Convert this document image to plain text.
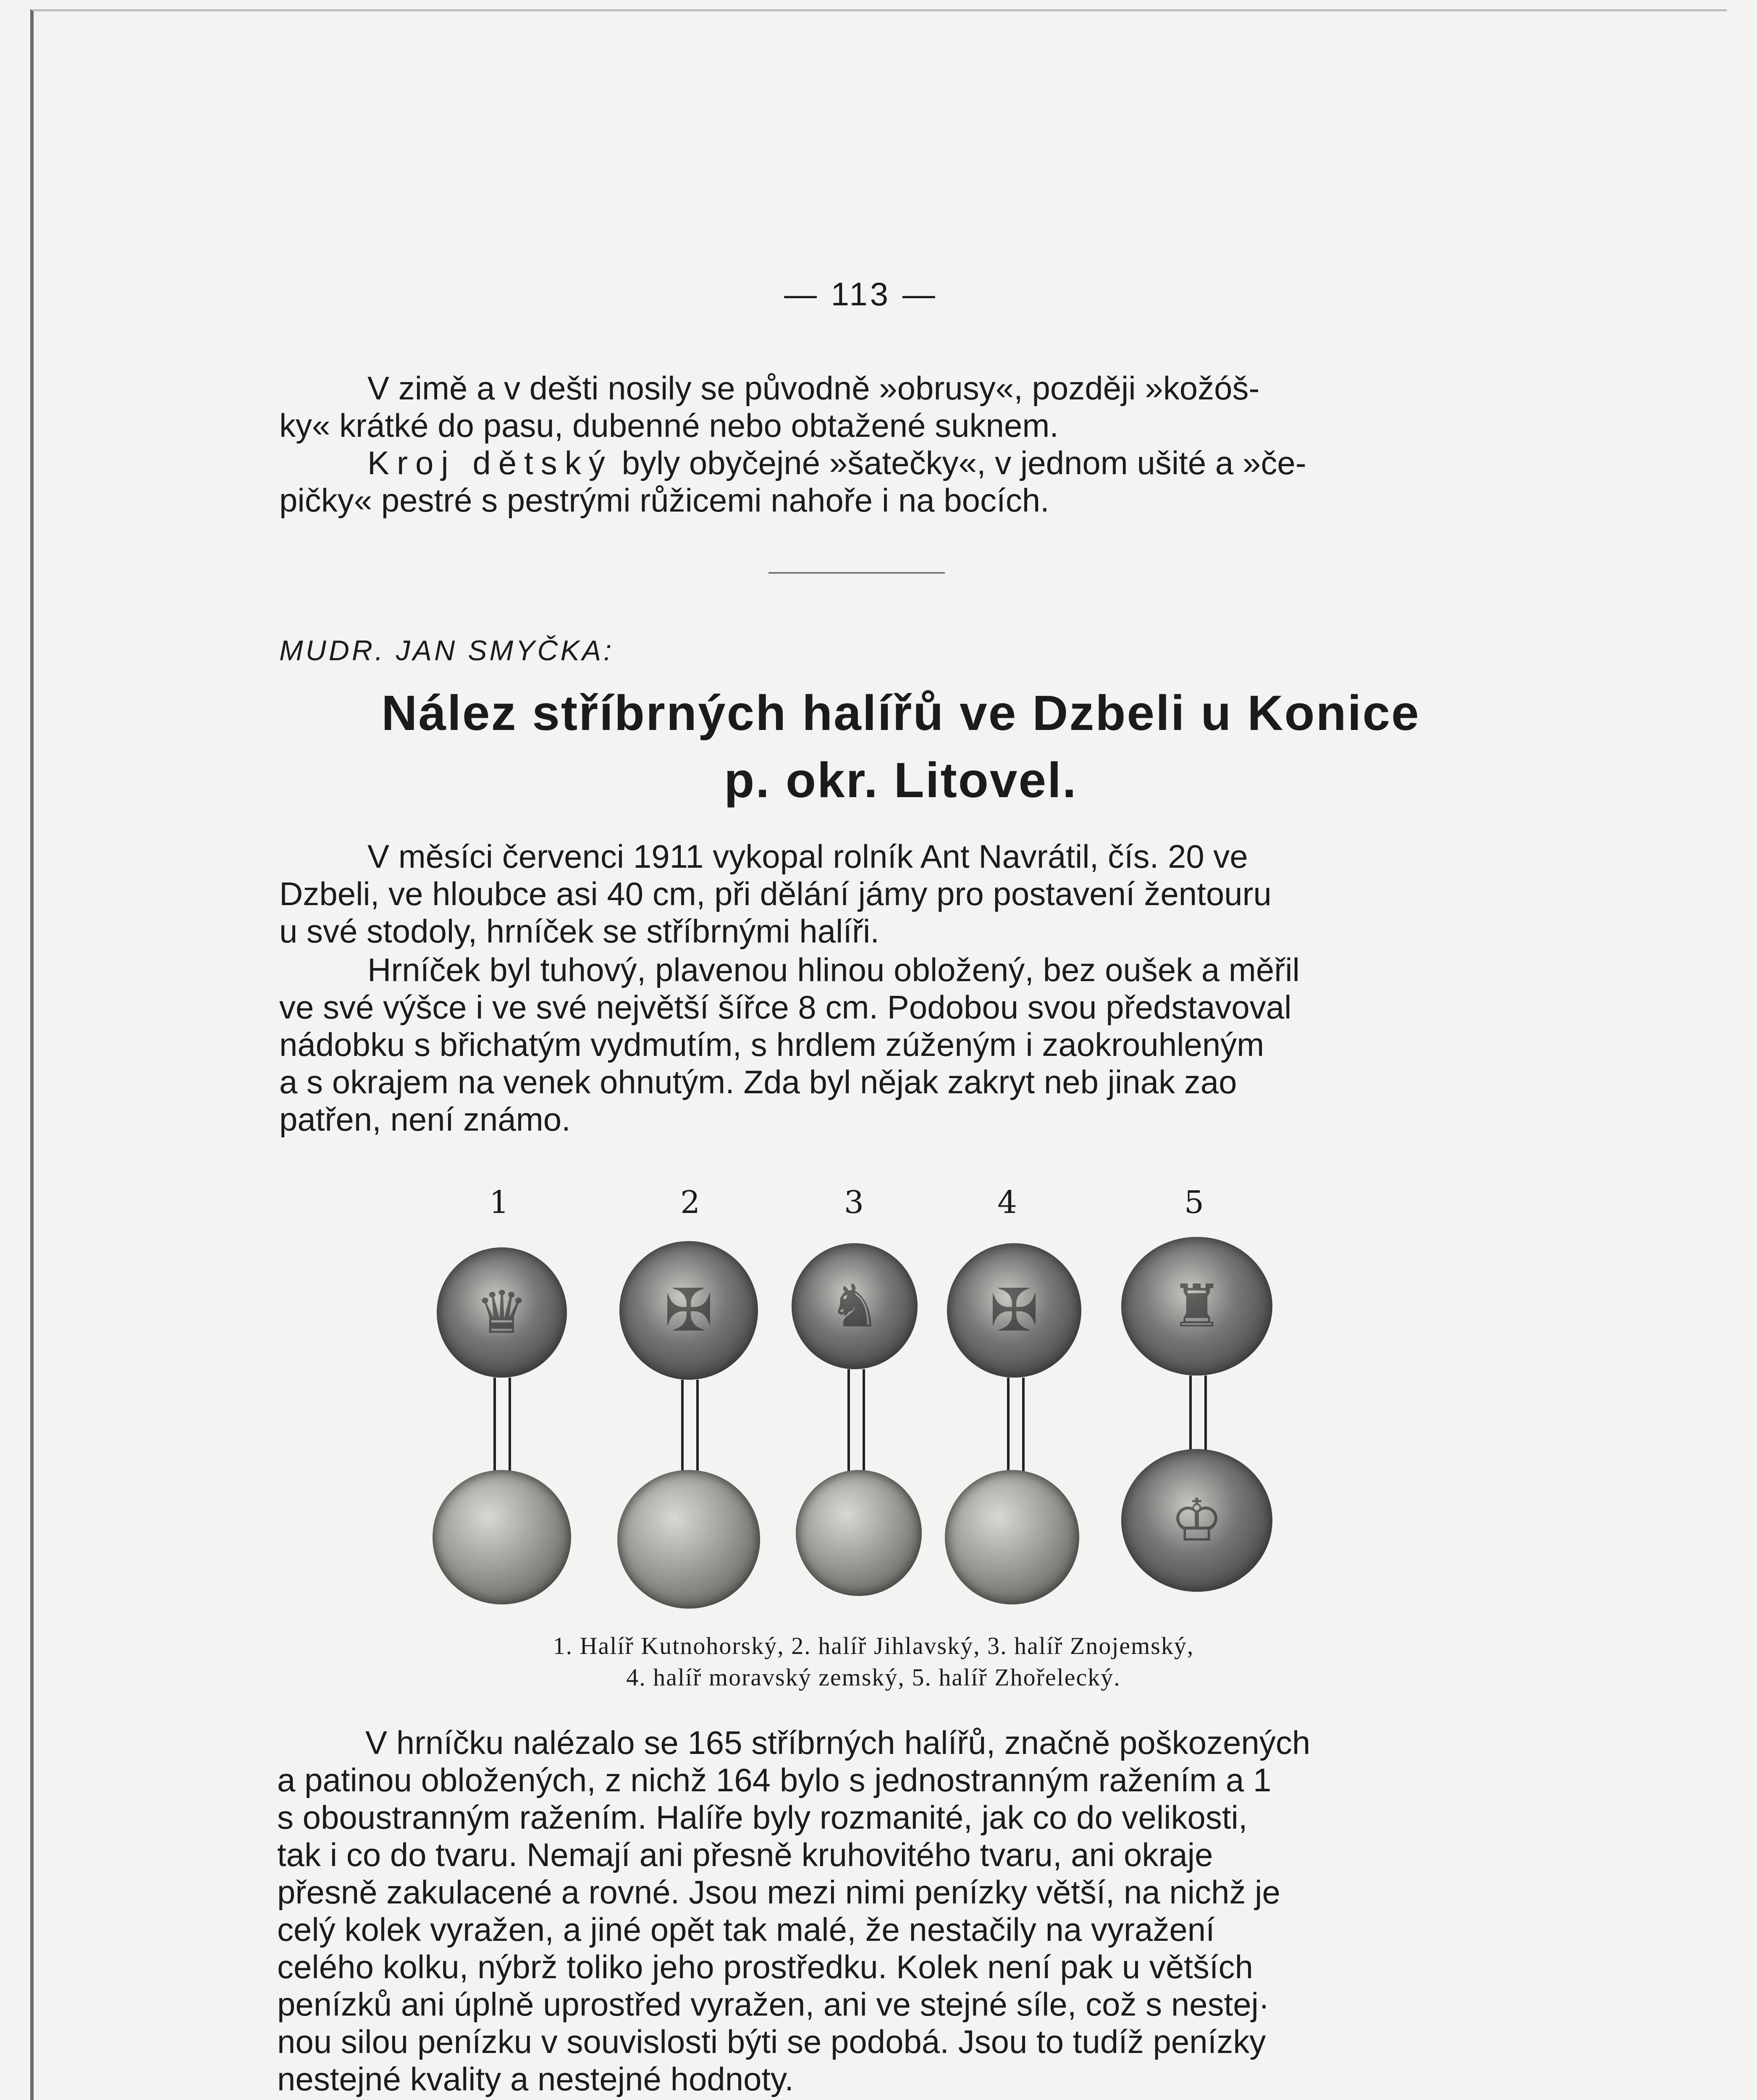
— 113 —
V zimě a v dešti nosily se původně »obrusy«, později »kožóš-
ky« krátké do pasu, dubenné nebo obtažené suknem.
Kroj dětský byly obyčejné »šatečky«, v jednom ušité a »če-
pičky« pestré s pestrými růžicemi nahoře i na bocích.
MUDR. JAN SMYČKA:
Nález stříbrných halířů ve Dzbeli u Konice
p. okr. Litovel.
V měsíci červenci 1911 vykopal rolník Ant Navrátil, čís. 20 ve
Dzbeli, ve hloubce asi 40 cm, při dělání jámy pro postavení žentouru
u své stodoly, hrníček se stříbrnými halíři.
Hrníček byl tuhový, plavenou hlinou obložený, bez oušek a měřil
ve své výšce i ve své největší šířce 8 cm. Podobou svou představoval
nádobku s břichatým vydmutím, s hrdlem zúženým i zaokrouhleným
a s okrajem na venek ohnutým. Zda byl nějak zakryt neb jinak zao
patřen, není známo.
1	2	3	4	5
♛	✠	♞	✠	♜
♔
1. Halíř Kutnohorský, 2. halíř Jihlavský, 3. halíř Znojemský,
4. halíř moravský zemský, 5. halíř Zhořelecký.
V hrníčku nalézalo se 165 stříbrných halířů, značně poškozených
a patinou obložených, z nichž 164 bylo s jednostranným ražením a 1
s oboustranným ražením. Halíře byly rozmanité, jak co do velikosti,
tak i co do tvaru. Nemají ani přesně kruhovitého tvaru, ani okraje
přesně zakulacené a rovné. Jsou mezi nimi penízky větší, na nichž je
celý kolek vyražen, a jiné opět tak malé, že nestačily na vyražení
celého kolku, nýbrž toliko jeho prostředku. Kolek není pak u větších
penízků ani úplně uprostřed vyražen, ani ve stejné síle, což s nestej·
nou silou penízku v souvislosti býti se podobá. Jsou to tudíž penízky
nestejné kvality a nestejné hodnoty.
